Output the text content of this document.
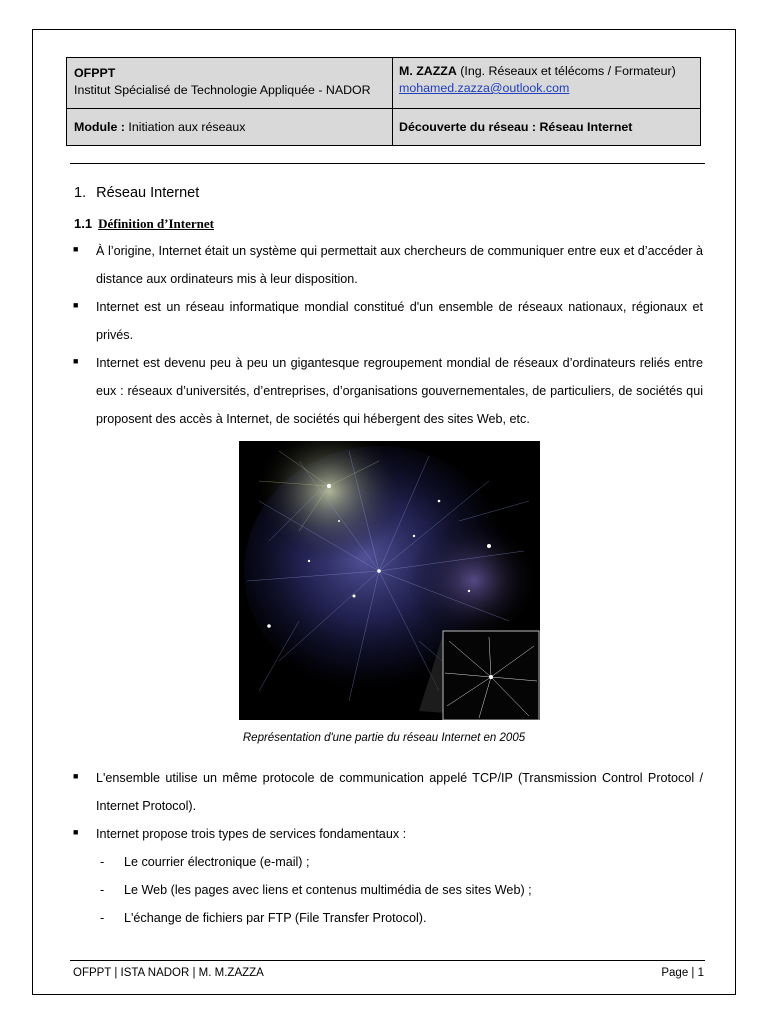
OFPPT
Institut Spécialisé de Technologie Appliquée - NADOR
M. ZAZZA (Ing. Réseaux et télécoms / Formateur)
mohamed.zazza@outlook.com
Module : Initiation aux réseaux	Découverte du réseau : Réseau Internet
1. Réseau Internet
1.1 Définition d’Internet
■ À l’origine, Internet était un système qui permettait aux chercheurs de communiquer entre eux et d’accéder à distance aux ordinateurs mis à leur disposition.
■ Internet est un réseau informatique mondial constitué d'un ensemble de réseaux nationaux, régionaux et privés.
■ Internet est devenu peu à peu un gigantesque regroupement mondial de réseaux d’ordinateurs reliés entre eux : réseaux d’universités, d’entreprises, d’organisations gouvernementales, de particuliers, de sociétés qui proposent des accès à Internet, de sociétés qui hébergent des sites Web, etc.
Représentation d'une partie du réseau Internet en 2005
■ L'ensemble utilise un même protocole de communication appelé TCP/IP (Transmission Control Protocol / Internet Protocol).
■ Internet propose trois types de services fondamentaux :
- Le courrier électronique (e-mail) ;
- Le Web (les pages avec liens et contenus multimédia de ses sites Web) ;
- L'échange de fichiers par FTP (File Transfer Protocol).
OFPPT | ISTA NADOR | M. M.ZAZZA	Page | 1
